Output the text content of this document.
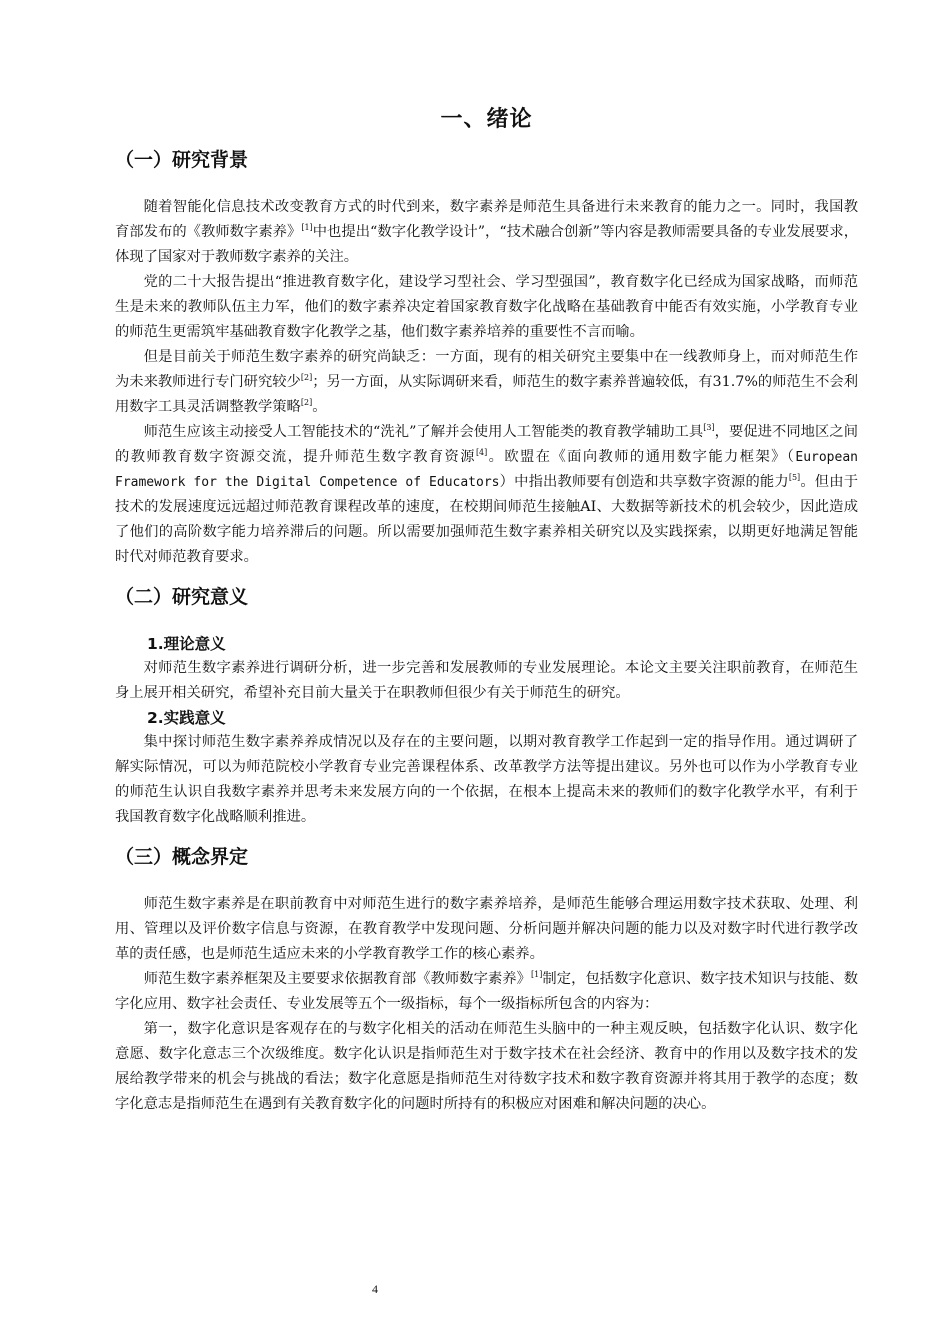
一、绪论
（一）研究背景

随着智能化信息技术改变教育方式的时代到来，数字素养是师范生具备进行未来教育的能力之一。同时，我国教育部发布的《教师数字素养》[1]中也提出“数字化教学设计”，“技术融合创新”等内容是教师需要具备的专业发展要求，体现了国家对于教师数字素养的关注。

党的二十大报告提出“推进教育数字化，建设学习型社会、学习型强国”，教育数字化已经成为国家战略，而师范生是未来的教师队伍主力军，他们的数字素养决定着国家教育数字化战略在基础教育中能否有效实施，小学教育专业的师范生更需筑牢基础教育数字化教学之基，他们数字素养培养的重要性不言而喻。

但是目前关于师范生数字素养的研究尚缺乏：一方面，现有的相关研究主要集中在一线教师身上，而对师范生作为未来教师进行专门研究较少[2]；另一方面，从实际调研来看，师范生的数字素养普遍较低，有31.7%的师范生不会利用数字工具灵活调整教学策略[2]。

师范生应该主动接受人工智能技术的“洗礼”了解并会使用人工智能类的教育教学辅助工具[3]，要促进不同地区之间的教师教育数字资源交流，提升师范生数字教育资源[4]。欧盟在《面向教师的通用数字能力框架》（European Framework for the Digital Competence of Educators）中指出教师要有创造和共享数字资源的能力[5]。但由于技术的发展速度远远超过师范教育课程改革的速度，在校期间师范生接触AI、大数据等新技术的机会较少，因此造成了他们的高阶数字能力培养滞后的问题。所以需要加强师范生数字素养相关研究以及实践探索，以期更好地满足智能时代对师范教育要求。

（二）研究意义
1.理论意义

对师范生数字素养进行调研分析，进一步完善和发展教师的专业发展理论。本论文主要关注职前教育，在师范生身上展开相关研究，希望补充目前大量关于在职教师但很少有关于师范生的研究。

2.实践意义

集中探讨师范生数字素养养成情况以及存在的主要问题，以期对教育教学工作起到一定的指导作用。通过调研了解实际情况，可以为师范院校小学教育专业完善课程体系、改革教学方法等提出建议。另外也可以作为小学教育专业的师范生认识自我数字素养并思考未来发展方向的一个依据，在根本上提高未来的教师们的数字化教学水平，有利于我国教育数字化战略顺利推进。

（三）概念界定

师范生数字素养是在职前教育中对师范生进行的数字素养培养，是师范生能够合理运用数字技术获取、处理、利用、管理以及评价数字信息与资源，在教育教学中发现问题、分析问题并解决问题的能力以及对数字时代进行教学改革的责任感，也是师范生适应未来的小学教育教学工作的核心素养。

师范生数字素养框架及主要要求依据教育部《教师数字素养》[1]制定，包括数字化意识、数字技术知识与技能、数字化应用、数字社会责任、专业发展等五个一级指标，每个一级指标所包含的内容为：

第一，数字化意识是客观存在的与数字化相关的活动在师范生头脑中的一种主观反映，包括数字化认识、数字化意愿、数字化意志三个次级维度。数字化认识是指师范生对于数字技术在社会经济、教育中的作用以及数字技术的发展给教学带来的机会与挑战的看法；数字化意愿是指师范生对待数字技术和数字教育资源并将其用于教学的态度；数字化意志是指师范生在遇到有关教育数字化的问题时所持有的积极应对困难和解决问题的决心。

4
